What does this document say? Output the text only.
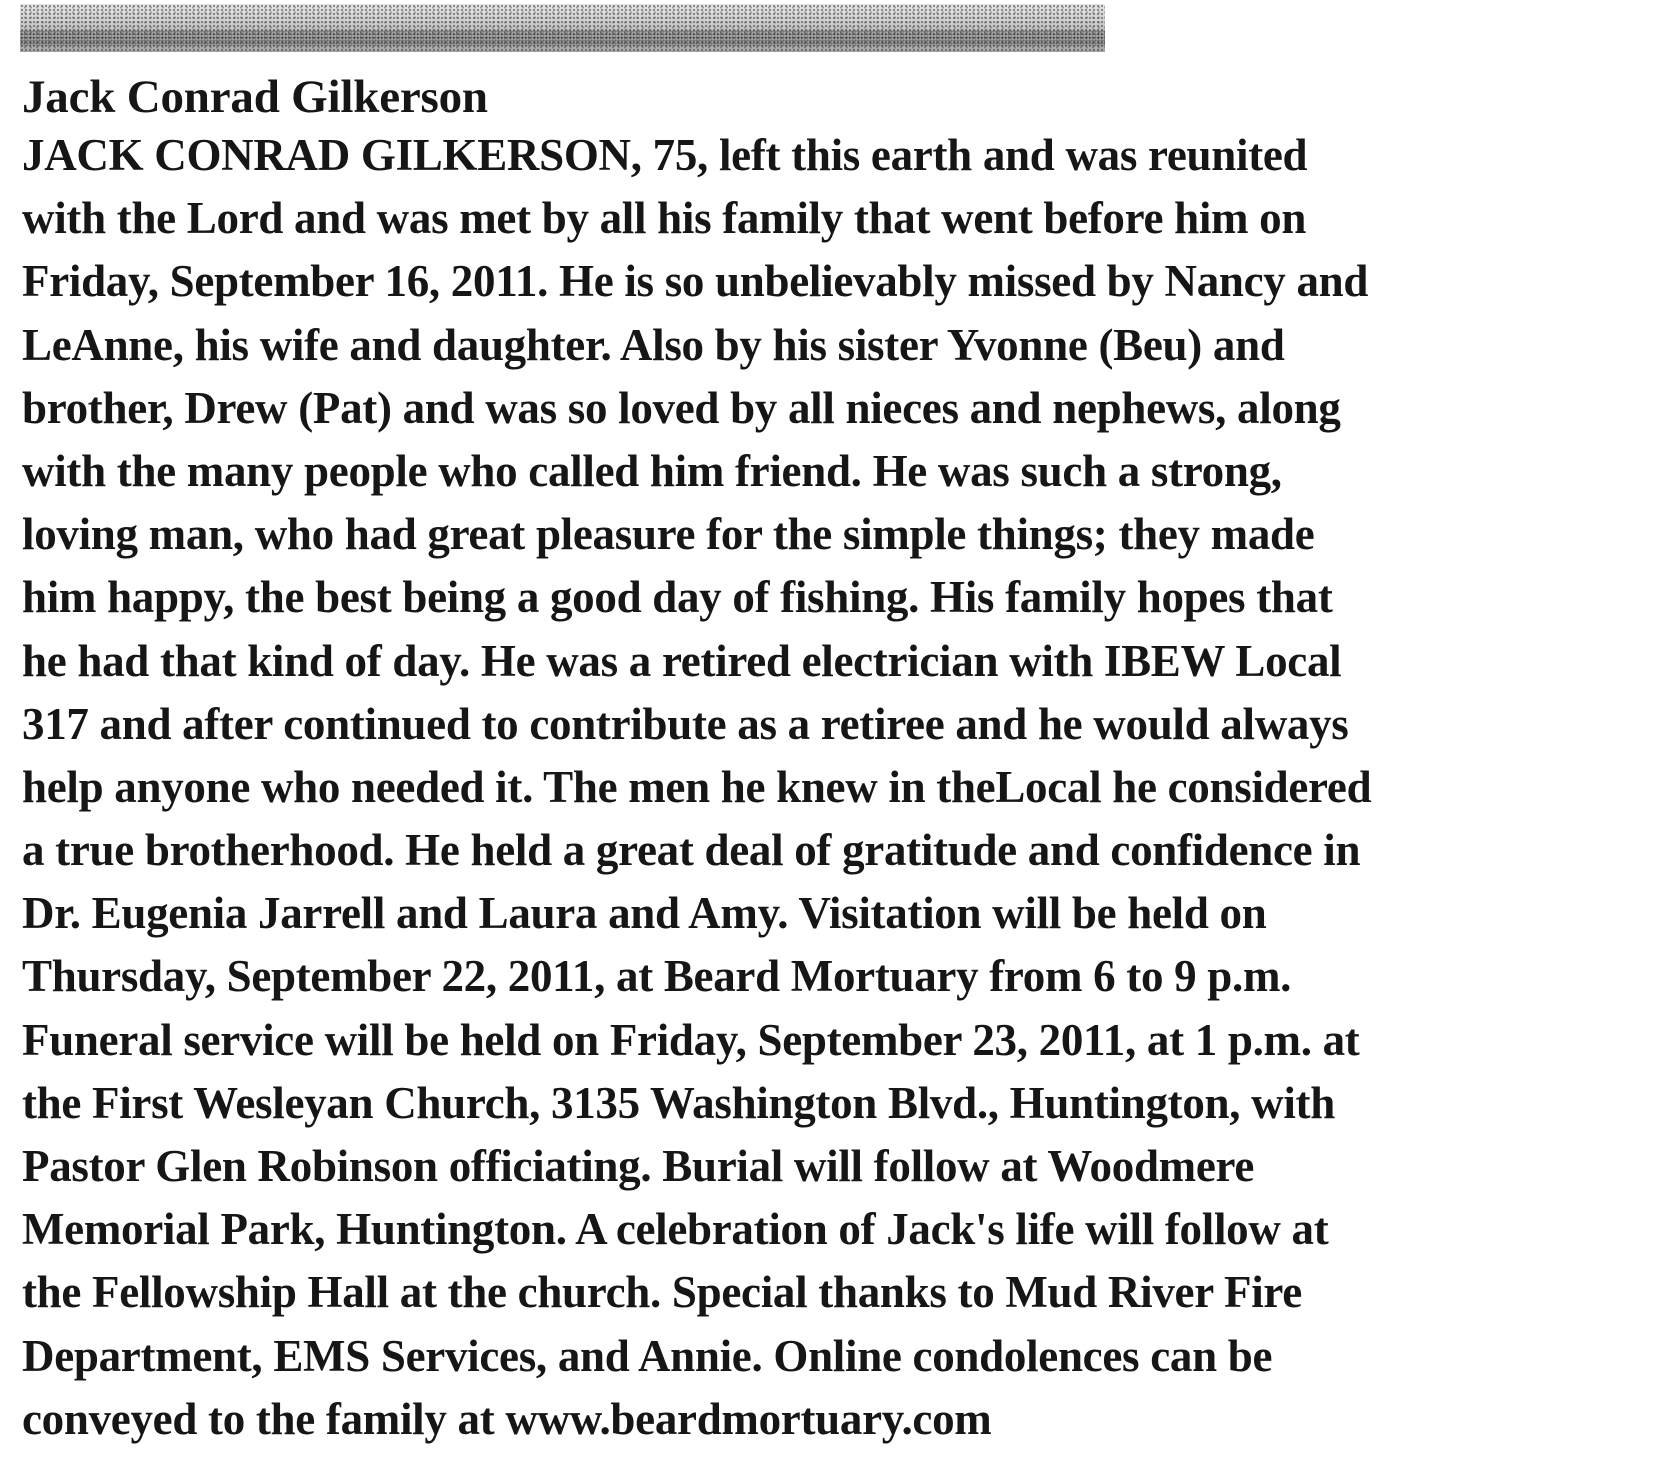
Jack Conrad Gilkerson
JACK CONRAD GILKERSON, 75, left this earth and was reunited
with the Lord and was met by all his family that went before him on
Friday, September 16, 2011. He is so unbelievably missed by Nancy and
LeAnne, his wife and daughter. Also by his sister Yvonne (Beu) and
brother, Drew (Pat) and was so loved by all nieces and nephews, along
with the many people who called him friend. He was such a strong,
loving man, who had great pleasure for the simple things; they made
him happy, the best being a good day of fishing. His family hopes that
he had that kind of day. He was a retired electrician with IBEW Local
317 and after continued to contribute as a retiree and he would always
help anyone who needed it. The men he knew in theLocal he considered
a true brotherhood. He held a great deal of gratitude and confidence in
Dr. Eugenia Jarrell and Laura and Amy. Visitation will be held on
Thursday, September 22, 2011, at Beard Mortuary from 6 to 9 p.m.
Funeral service will be held on Friday, September 23, 2011, at 1 p.m. at
the First Wesleyan Church, 3135 Washington Blvd., Huntington, with
Pastor Glen Robinson officiating. Burial will follow at Woodmere
Memorial Park, Huntington. A celebration of Jack's life will follow at
the Fellowship Hall at the church. Special thanks to Mud River Fire
Department, EMS Services, and Annie. Online condolences can be
conveyed to the family at www.beardmortuary.com
